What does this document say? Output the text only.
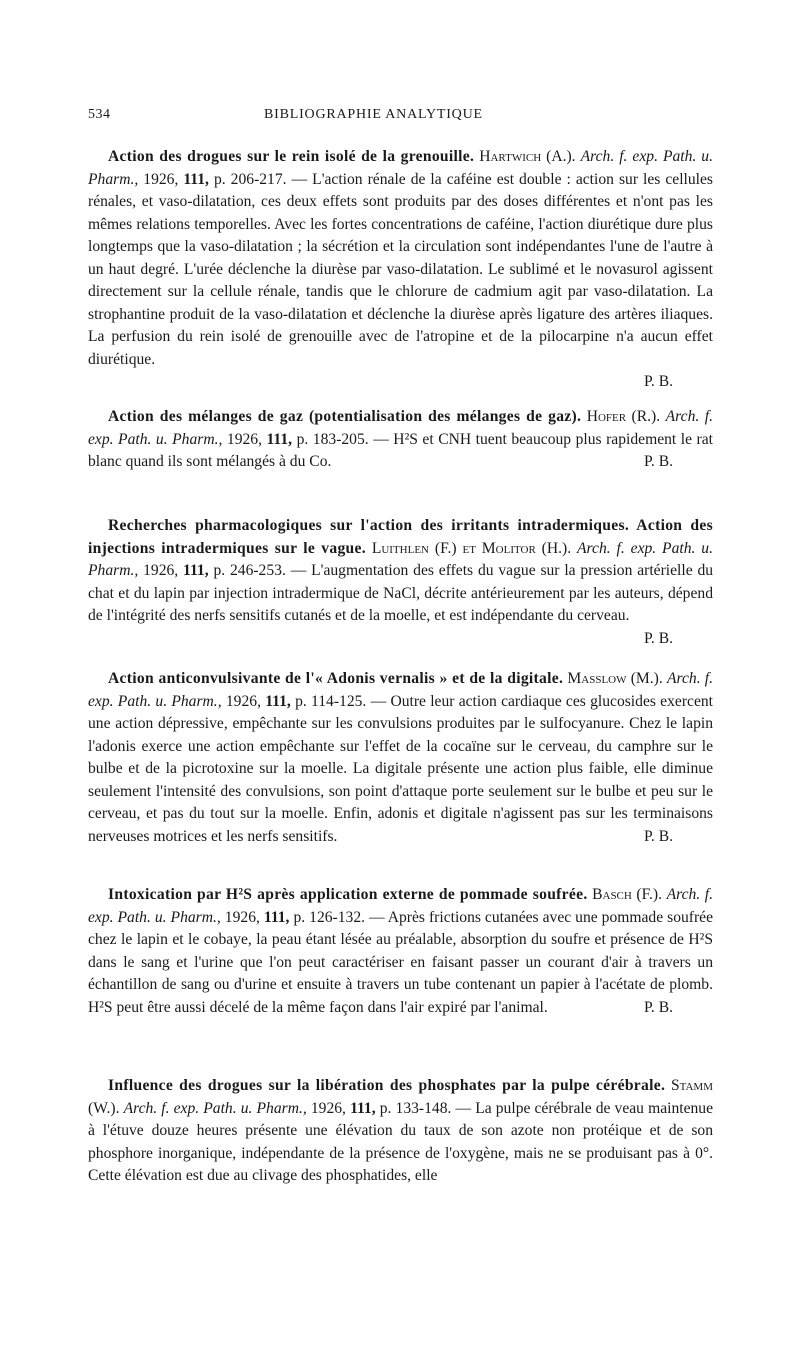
534	BIBLIOGRAPHIE ANALYTIQUE

Action des drogues sur le rein isolé de la grenouille. Hartwich (A.). Arch. f. exp. Path. u. Pharm., 1926, 111, p. 206-217. — L'action rénale de la caféine est double : action sur les cellules rénales, et vaso-dilatation, ces deux effets sont produits par des doses différentes et n'ont pas les mêmes relations temporelles. Avec les fortes concentrations de caféine, l'action diurétique dure plus longtemps que la vaso-dilatation ; la sécrétion et la circulation sont indépendantes l'une de l'autre à un haut degré. L'urée déclenche la diurèse par vaso-dilatation. Le sublimé et le novasurol agissent directement sur la cellule rénale, tandis que le chlorure de cadmium agit par vaso-dilatation. La strophantine produit de la vaso-dilatation et déclenche la diurèse après ligature des artères iliaques. La perfusion du rein isolé de grenouille avec de l'atropine et de la pilocarpine n'a aucun effet diurétique.

P. B.

Action des mélanges de gaz (potentialisation des mélanges de gaz). Hofer (R.). Arch. f. exp. Path. u. Pharm., 1926, 111, p. 183-205. — H²S et CNH tuent beaucoup plus rapidement le rat blanc quand ils sont mélangés à du Co.	P. B.

Recherches pharmacologiques sur l'action des irritants intradermiques. Action des injections intradermiques sur le vague. Luithlen (F.) et Molitor (H.). Arch. f. exp. Path. u. Pharm., 1926, 111, p. 246-253. — L'augmentation des effets du vague sur la pression artérielle du chat et du lapin par injection intradermique de NaCl, décrite antérieurement par les auteurs, dépend de l'intégrité des nerfs sensitifs cutanés et de la moelle, et est indépendante du cerveau.
P. B.

Action anticonvulsivante de l'« Adonis vernalis » et de la digitale. Masslow (M.). Arch. f. exp. Path. u. Pharm., 1926, 111, p. 114-125. — Outre leur action cardiaque ces glucosides exercent une action dépressive, empêchante sur les convulsions produites par le sulfocyanure. Chez le lapin l'adonis exerce une action empêchante sur l'effet de la cocaïne sur le cerveau, du camphre sur le bulbe et de la picrotoxine sur la moelle. La digitale présente une action plus faible, elle diminue seulement l'intensité des convulsions, son point d'attaque porte seulement sur le bulbe et peu sur le cerveau, et pas du tout sur la moelle. Enfin, adonis et digitale n'agissent pas sur les terminaisons nerveuses motrices et les nerfs sensitifs.	P. B.

Intoxication par H²S après application externe de pommade soufrée. Basch (F.). Arch. f. exp. Path. u. Pharm., 1926, 111, p. 126-132. — Après frictions cutanées avec une pommade soufrée chez le lapin et le cobaye, la peau étant lésée au préalable, absorption du soufre et présence de H²S dans le sang et l'urine que l'on peut caractériser en faisant passer un courant d'air à travers un échantillon de sang ou d'urine et ensuite à travers un tube contenant un papier à l'acétate de plomb. H²S peut être aussi décelé de la même façon dans l'air expiré par l'animal.	P. B.

Influence des drogues sur la libération des phosphates par la pulpe cérébrale. Stamm (W.). Arch. f. exp. Path. u. Pharm., 1926, 111, p. 133-148. — La pulpe cérébrale de veau maintenue à l'étuve douze heures présente une élévation du taux de son azote non protéique et de son phosphore inorganique, indépendante de la présence de l'oxygène, mais ne se produisant pas à 0°. Cette élévation est due au clivage des phosphatides, elle
